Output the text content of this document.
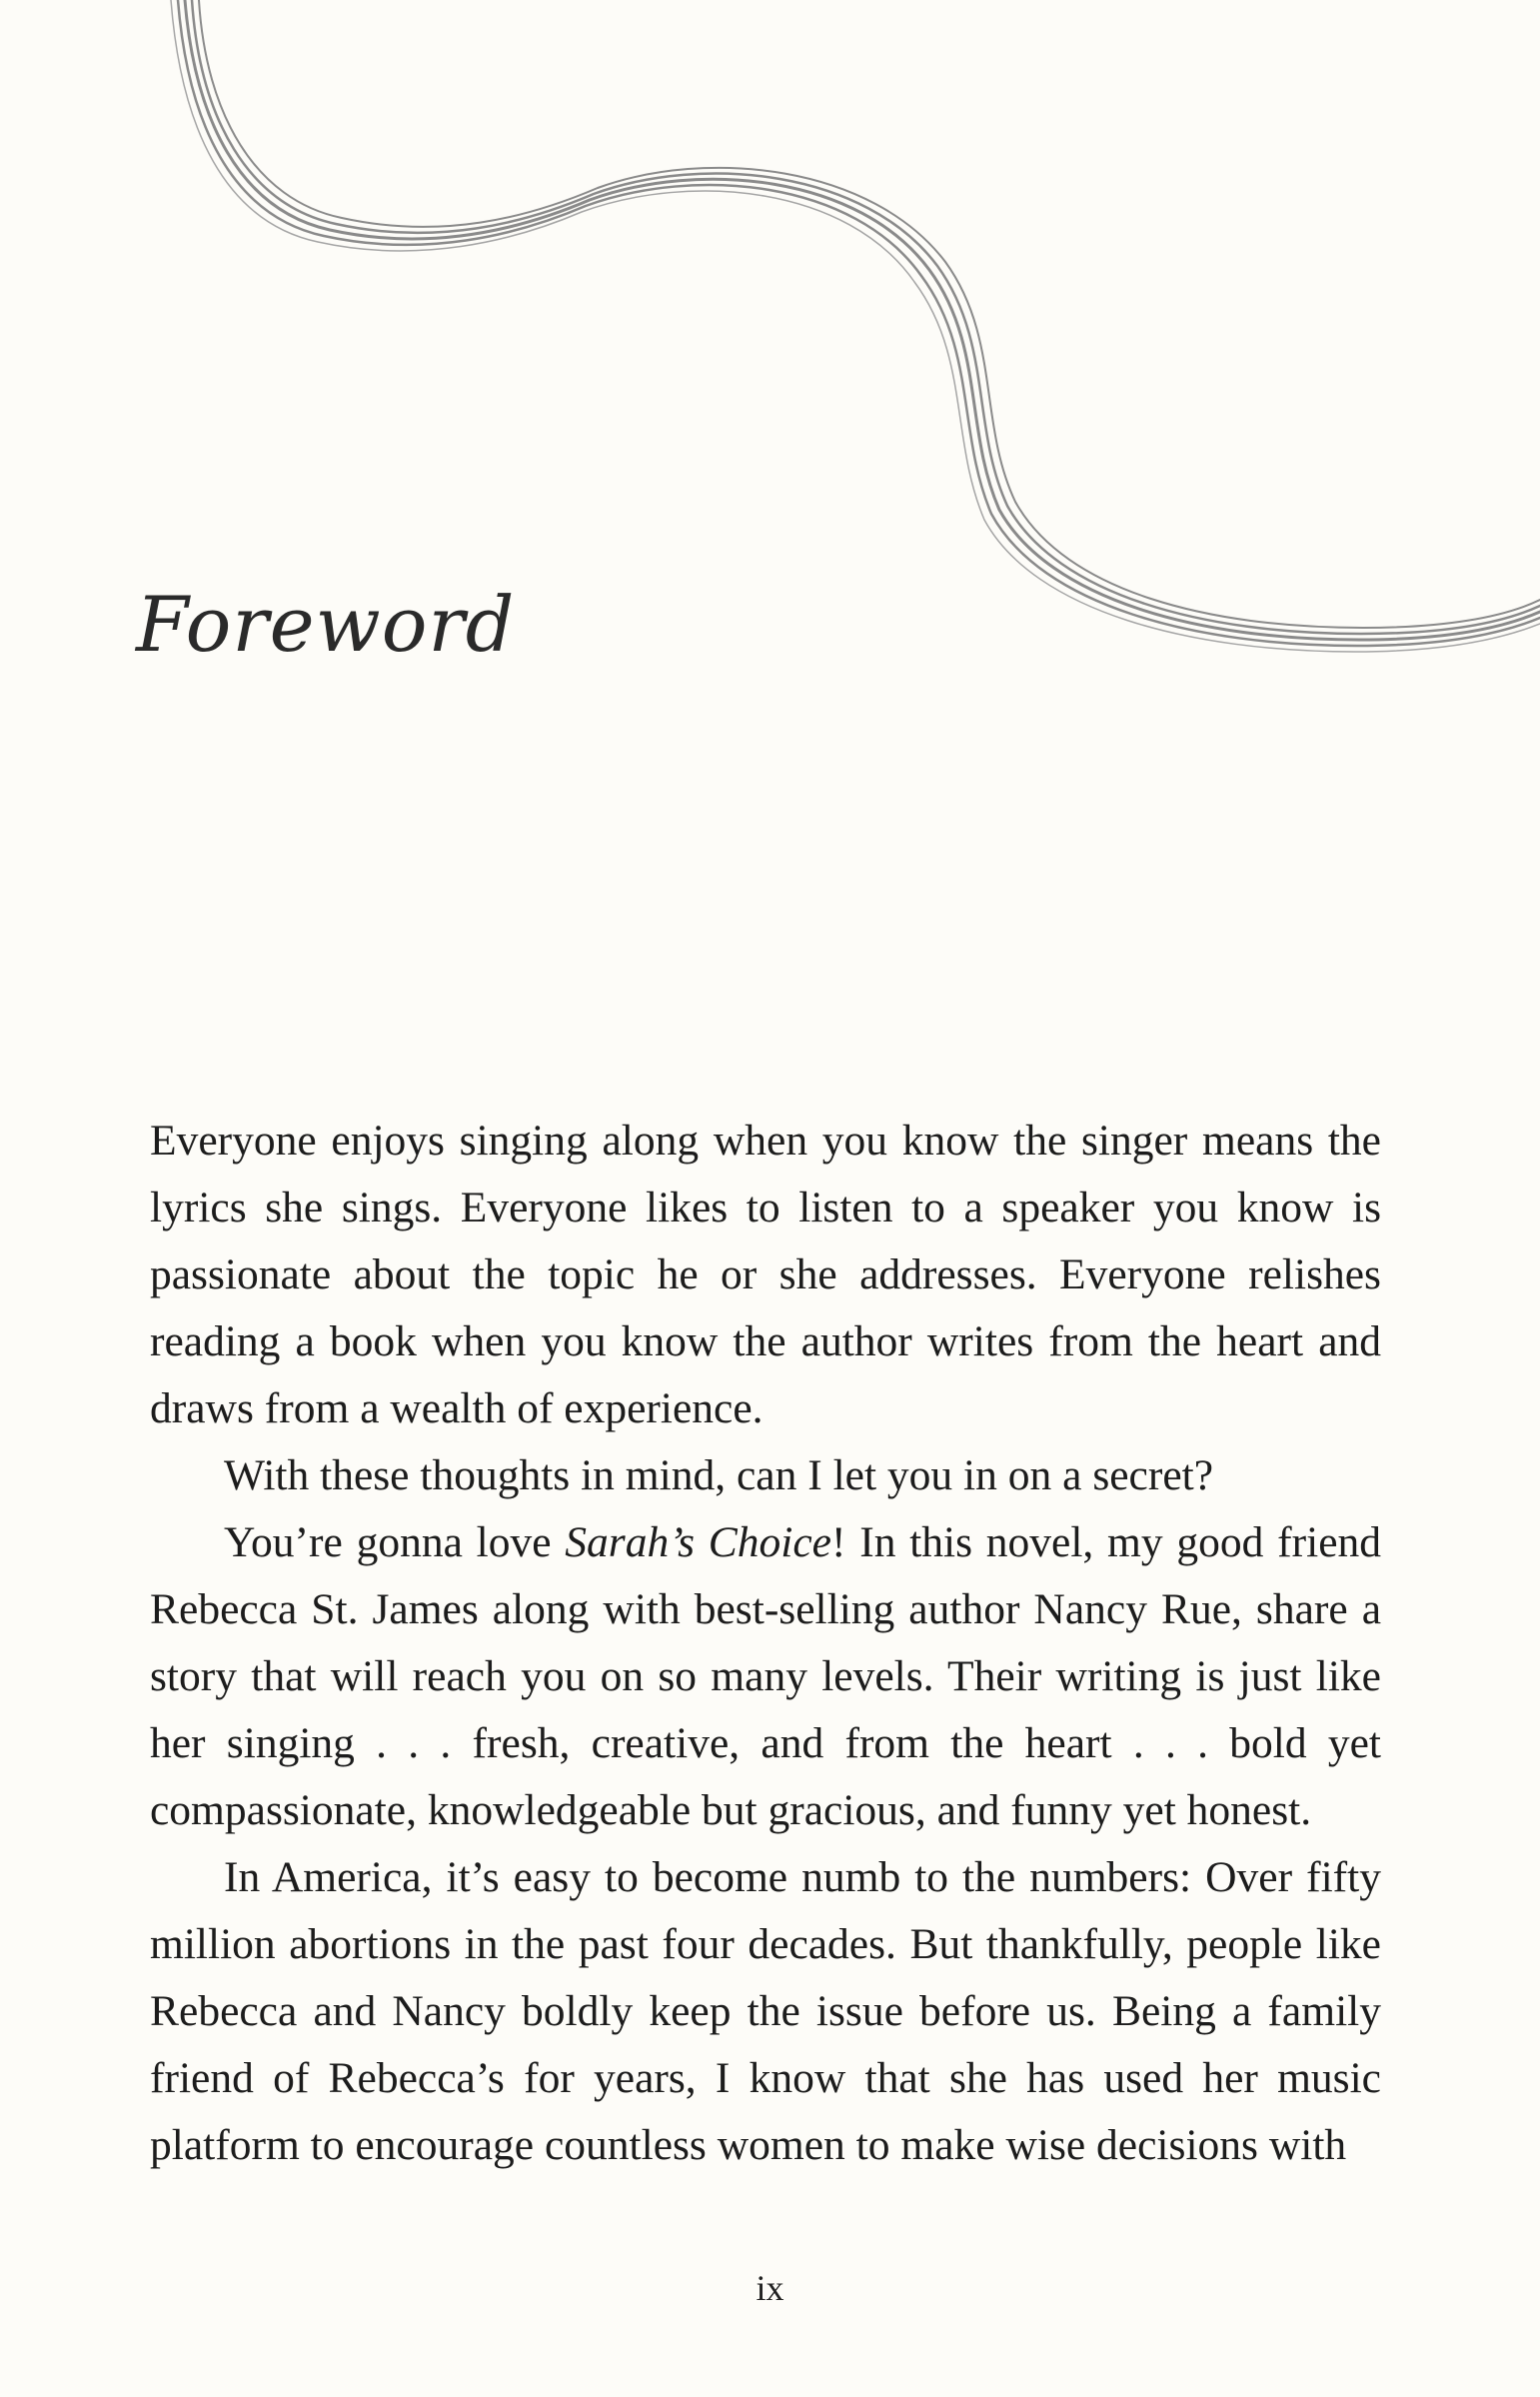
Foreword

Everyone enjoys singing along when you know the singer means the lyrics she sings. Everyone likes to listen to a speaker you know is passionate about the topic he or she addresses. Everyone relishes reading a book when you know the author writes from the heart and draws from a wealth of experience.

With these thoughts in mind, can I let you in on a secret?

You’re gonna love Sarah’s Choice! In this novel, my good friend Rebecca St. James along with best-selling author Nancy Rue, share a story that will reach you on so many levels. Their writing is just like her singing . . . fresh, creative, and from the heart . . . bold yet compassionate, knowledgeable but gracious, and funny yet honest.

In America, it’s easy to become numb to the numbers: Over fifty million abortions in the past four decades. But thankfully, people like Rebecca and Nancy boldly keep the issue before us. Being a family friend of Rebecca’s for years, I know that she has used her music platform to encourage countless women to make wise decisions with

ix
